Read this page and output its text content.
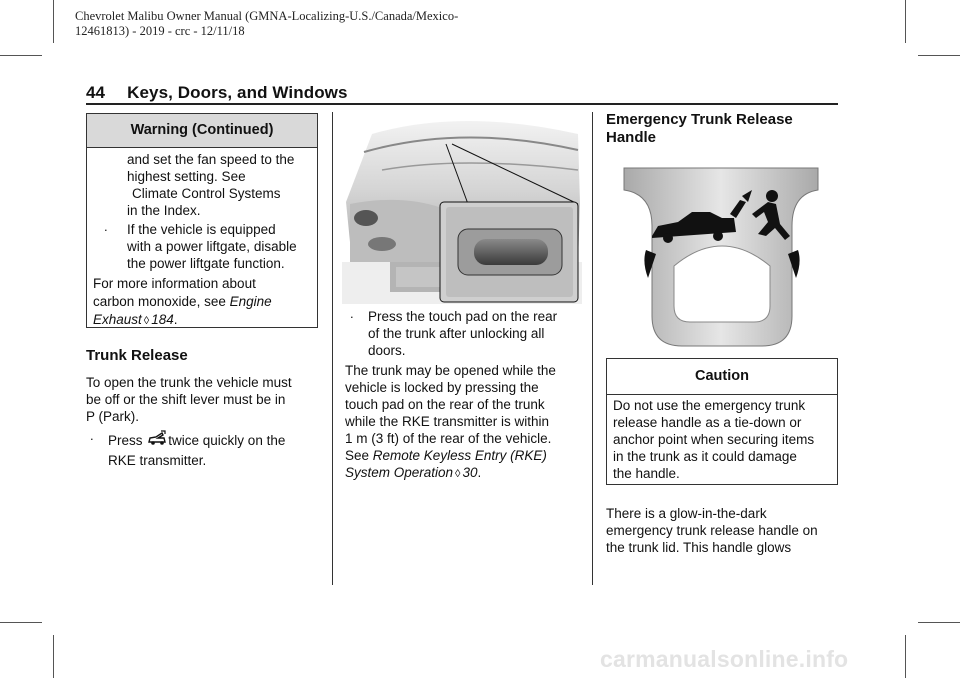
Chevrolet Malibu Owner Manual (GMNA-Localizing-U.S./Canada/Mexico-
12461813) - 2019 - crc - 12/11/18
44 Keys, Doors, and Windows
Warning (Continued)
and set the fan speed to the
highest setting. See
Climate Control Systems
in the Index.
. If the vehicle is equipped
with a power liftgate, disable
the power liftgate function.
For more information about
carbon monoxide, see Engine
Exhaust ◊ 184.
Trunk Release
To open the trunk the vehicle must
be off or the shift lever must be in
P (Park).
. Press twice quickly on the
RKE transmitter.
. Press the touch pad on the rear
of the trunk after unlocking all
doors.
The trunk may be opened while the
vehicle is locked by pressing the
touch pad on the rear of the trunk
while the RKE transmitter is within
1 m (3 ft) of the rear of the vehicle.
See Remote Keyless Entry (RKE)
System Operation ◊ 30.
Emergency Trunk Release
Handle
Caution
Do not use the emergency trunk
release handle as a tie-down or
anchor point when securing items
in the trunk as it could damage
the handle.
There is a glow-in-the-dark
emergency trunk release handle on
the trunk lid. This handle glows
carmanualsonline.info
